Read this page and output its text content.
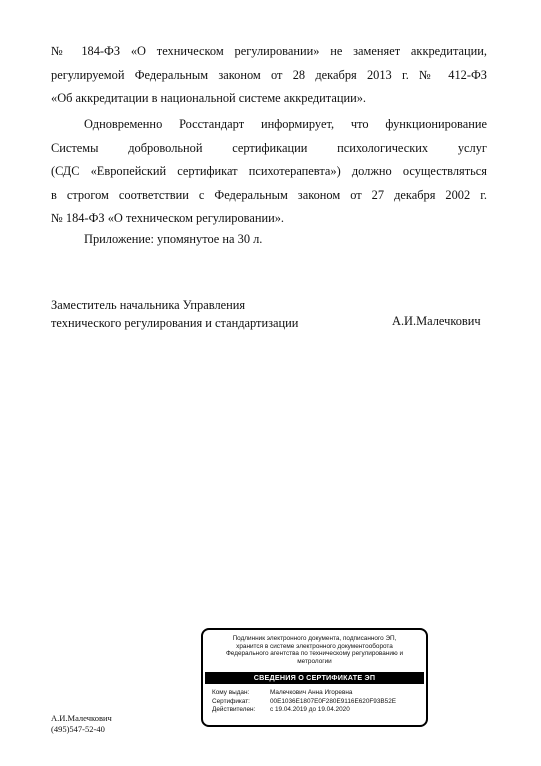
№ 184-ФЗ «О техническом регулировании» не заменяет аккредитации,
регулируемой Федеральным законом от 28 декабря 2013 г. № 412-ФЗ
«Об аккредитации в национальной системе аккредитации».
Одновременно Росстандарт информирует, что функционирование
Системы добровольной сертификации психологических услуг
(СДС «Европейский сертификат психотерапевта») должно осуществляться
в строгом соответствии с Федеральным законом от 27 декабря 2002 г.
№ 184-ФЗ «О техническом регулировании».
Приложение: упомянутое на 30 л.
Заместитель начальника Управления
технического регулирования и стандартизации	А.И.Малечкович
Подлинник электронного документа, подписанного ЭП,
хранится в системе электронного документооборота
Федерального агентства по техническому регулированию и
метрологии
СВЕДЕНИЯ О СЕРТИФИКАТЕ ЭП
Кому выдан:	Малечкович Анна Игоревна
Сертификат:	00E1036E1807E0F280E9116E620F93B52E
Действителен: с 19.04.2019 до 19.04.2020
А.И.Малечкович
(495)547-52-40
